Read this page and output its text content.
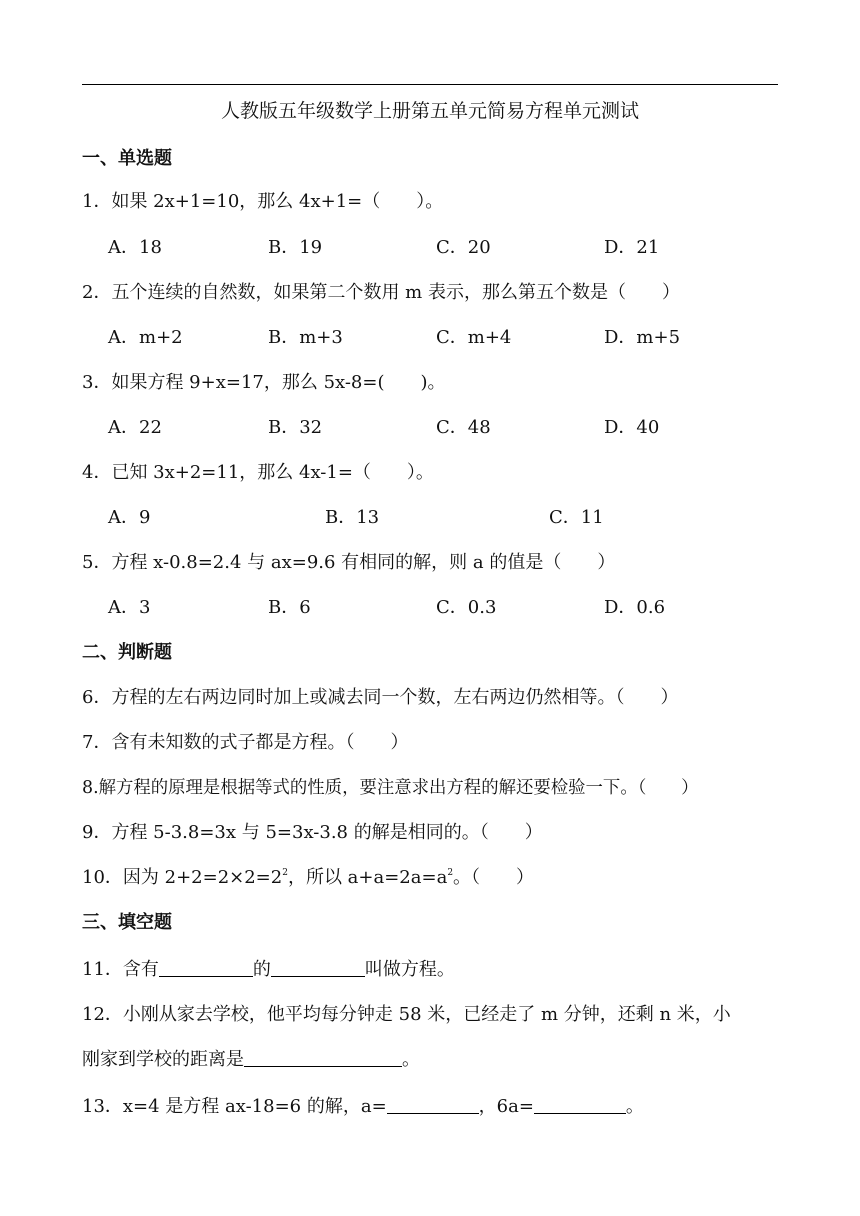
人教版五年级数学上册第五单元简易方程单元测试
一、单选题
1．如果 2x+1=10，那么 4x+1=（　　）。
A．18	B．19	C．20	D．21
2．五个连续的自然数，如果第二个数用 m 表示，那么第五个数是（　　）
A．m+2	B．m+3	C．m+4	D．m+5
3．如果方程 9+x=17，那么 5x-8=(　　)。
A．22	B．32	C．48	D．40
4．已知 3x+2=11，那么 4x-1=（　　）。
A．9	B．13	C．11
5．方程 x-0.8=2.4 与 ax=9.6 有相同的解，则 a 的值是（　　）
A．3	B．6	C．0.3	D．0.6
二、判断题
6．方程的左右两边同时加上或减去同一个数，左右两边仍然相等。（　　）
7．含有未知数的式子都是方程。（　　）
8.解方程的原理是根据等式的性质，要注意求出方程的解还要检验一下。（　　）
9．方程 5-3.8=3x 与 5=3x-3.8 的解是相同的。（　　）
10．因为 $2+2=2\times 2=2^2$，所以 $a+a=2a=a^2$。（　　）
三、填空题
11．含有	的	叫做方程。
12．小刚从家去学校，他平均每分钟走 58 米，已经走了 m 分钟，还剩 n 米，小
刚家到学校的距离是	。
13．x=4 是方程 ax-18=6 的解，a=	，6a=	。
